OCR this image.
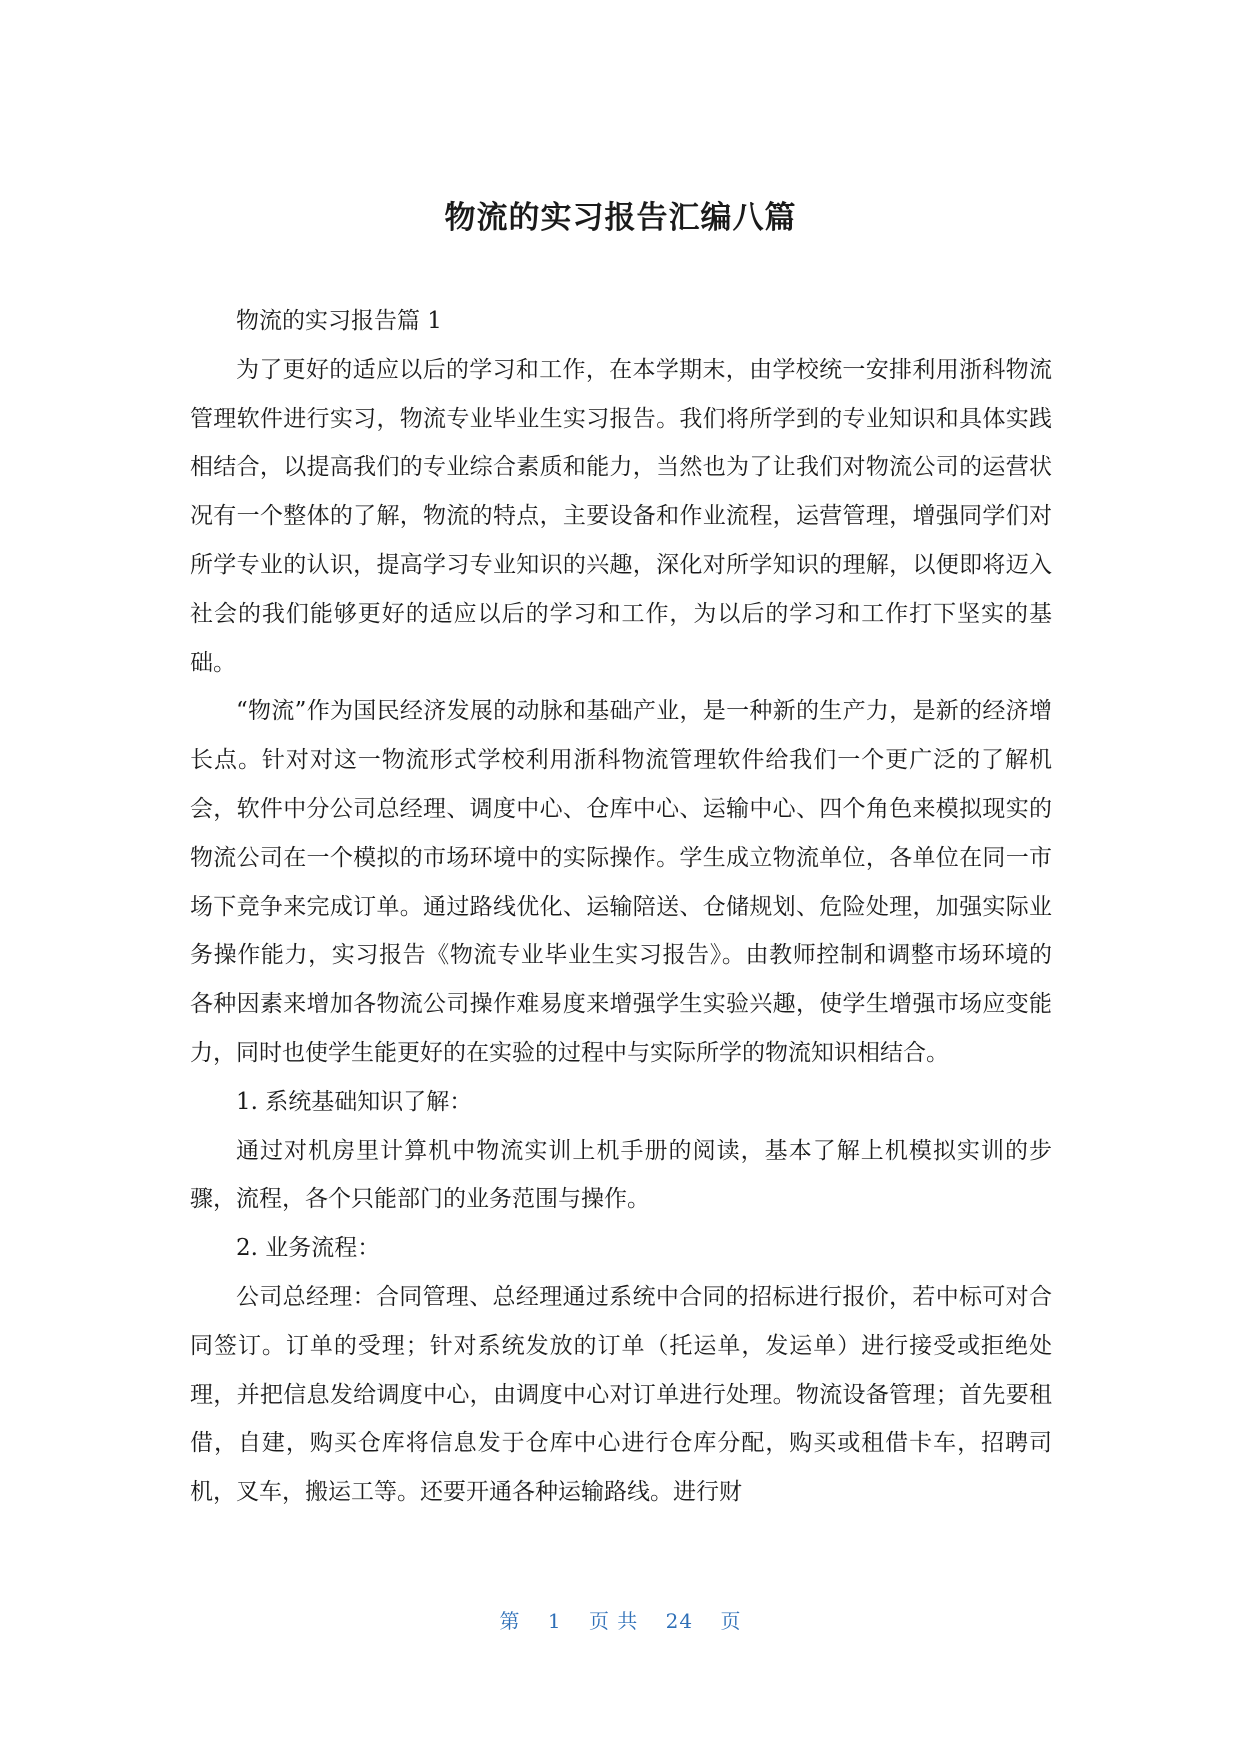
物流的实习报告汇编八篇

物流的实习报告篇 1

为了更好的适应以后的学习和工作，在本学期末，由学校统一安排利用浙科物流管理软件进行实习，物流专业毕业生实习报告。我们将所学到的专业知识和具体实践相结合，以提高我们的专业综合素质和能力，当然也为了让我们对物流公司的运营状况有一个整体的了解，物流的特点，主要设备和作业流程，运营管理，增强同学们对所学专业的认识，提高学习专业知识的兴趣，深化对所学知识的理解，以便即将迈入社会的我们能够更好的适应以后的学习和工作，为以后的学习和工作打下坚实的基础。

“物流”作为国民经济发展的动脉和基础产业，是一种新的生产力，是新的经济增长点。针对对这一物流形式学校利用浙科物流管理软件给我们一个更广泛的了解机会，软件中分公司总经理、调度中心、仓库中心、运输中心、四个角色来模拟现实的物流公司在一个模拟的市场环境中的实际操作。学生成立物流单位，各单位在同一市场下竞争来完成订单。通过路线优化、运输陪送、仓储规划、危险处理，加强实际业务操作能力，实习报告《物流专业毕业生实习报告》。由教师控制和调整市场环境的各种因素来增加各物流公司操作难易度来增强学生实验兴趣，使学生增强市场应变能力，同时也使学生能更好的在实验的过程中与实际所学的物流知识相结合。

1. 系统基础知识了解：

通过对机房里计算机中物流实训上机手册的阅读，基本了解上机模拟实训的步骤，流程，各个只能部门的业务范围与操作。

2. 业务流程：

公司总经理：合同管理、总经理通过系统中合同的招标进行报价，若中标可对合同签订。订单的受理；针对系统发放的订单（托运单，发运单）进行接受或拒绝处理，并把信息发给调度中心，由调度中心对订单进行处理。物流设备管理；首先要租借，自建，购买仓库将信息发于仓库中心进行仓库分配，购买或租借卡车，招聘司机，叉车，搬运工等。还要开通各种运输路线。进行财

第 1 页 共 24 页
